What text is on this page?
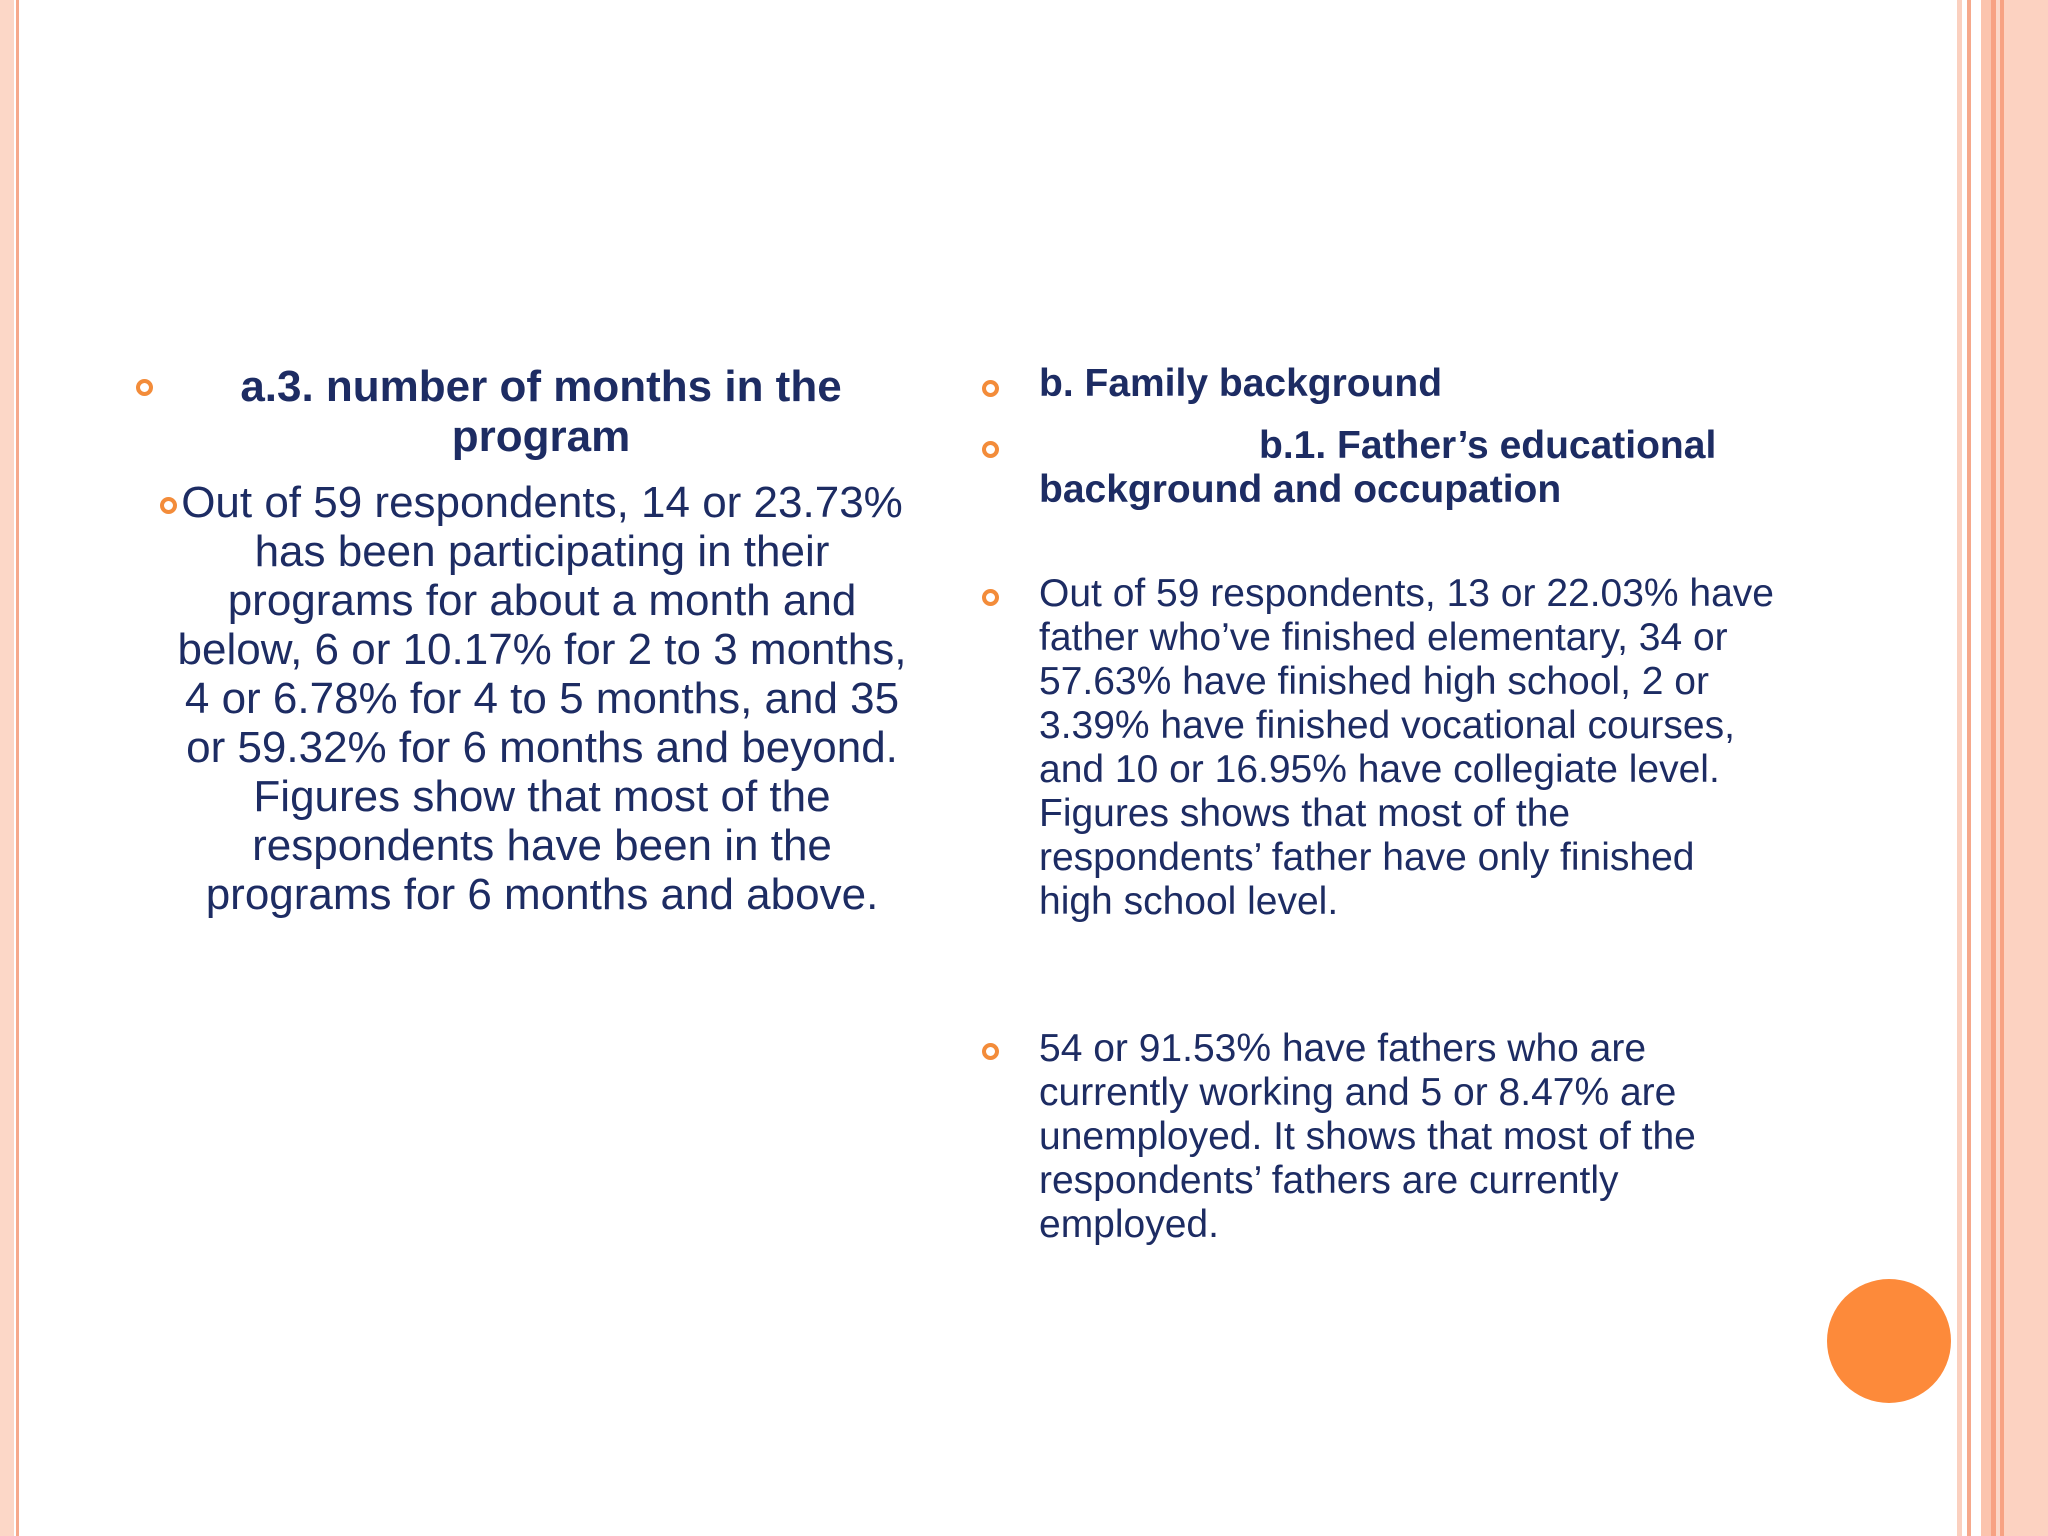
a.3. number of months in the program

Out of 59 respondents, 14 or 23.73% has been participating in their programs for about a month and below, 6 or 10.17% for 2 to 3 months, 4 or 6.78% for 4 to 5 months, and 35 or 59.32% for 6 months and beyond. Figures show that most of the respondents have been in the programs for 6 months and above.

b. Family background

b.1. Father’s educational background and occupation

Out of 59 respondents, 13 or 22.03% have father who’ve finished elementary, 34 or 57.63% have finished high school, 2 or 3.39% have finished vocational courses, and 10 or 16.95% have collegiate level. Figures shows that most of the respondents’ father have only finished high school level.

54 or 91.53% have fathers who are currently working and 5 or 8.47% are unemployed. It shows that most of the respondents’ fathers are currently employed.
